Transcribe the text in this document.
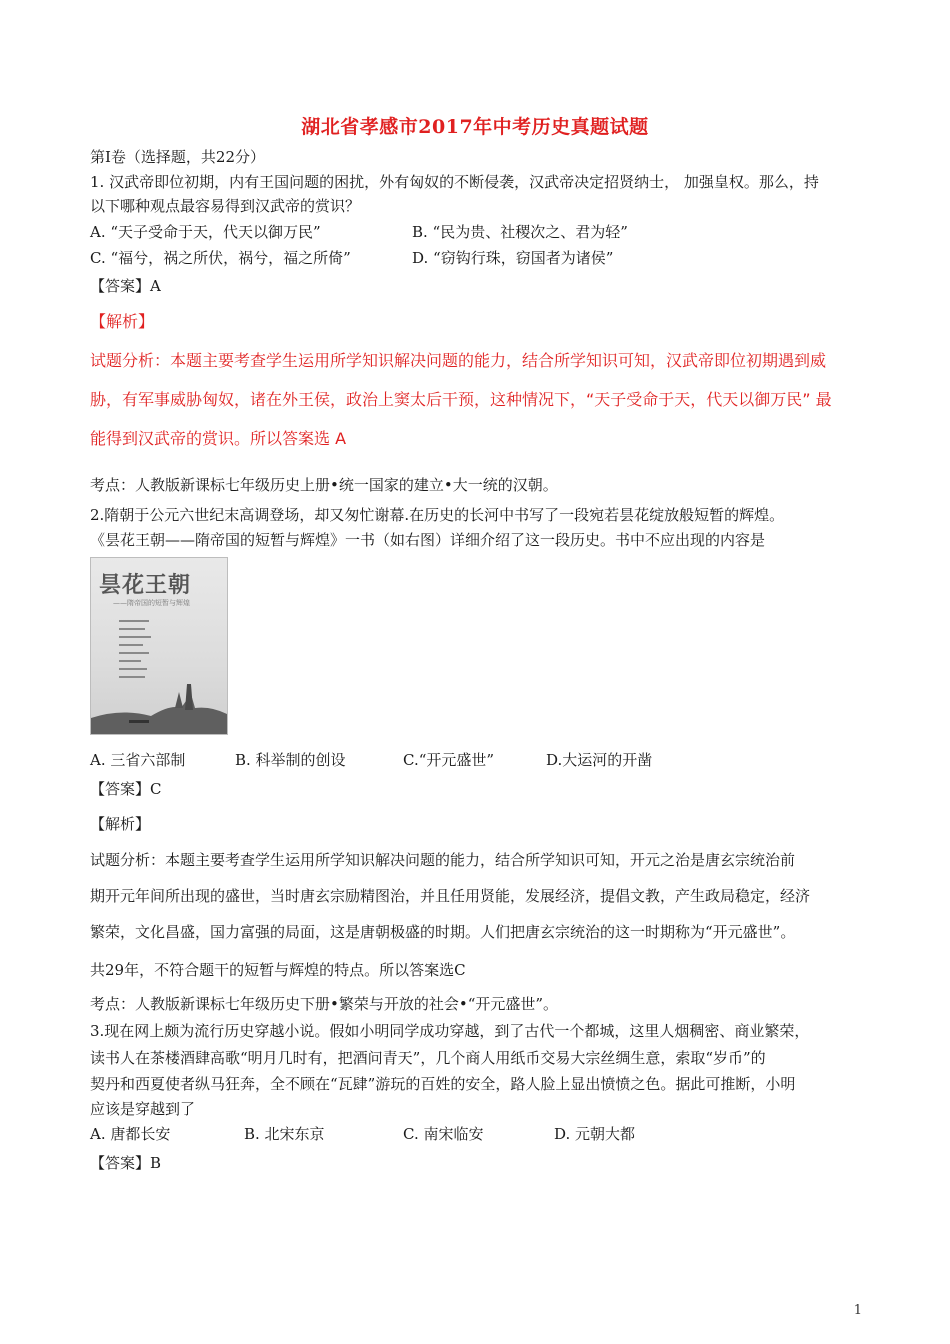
湖北省孝感市2017年中考历史真题试题
第Ⅰ卷（选择题，共22分）
1. 汉武帝即位初期，内有王国问题的困扰，外有匈奴的不断侵袭，汉武帝决定招贤纳士， 加强皇权。那么，持
以下哪种观点最容易得到汉武帝的赏识？
A. “天子受命于天，代天以御万民”	B. “民为贵、社稷次之、君为轻”
C. “福兮，祸之所伏，祸兮，福之所倚”	D. “窃钩行珠，窃国者为诸侯”
【答案】A
【解析】
试题分析：本题主要考查学生运用所学知识解决问题的能力，结合所学知识可知，汉武帝即位初期遇到威
胁，有军事威胁匈奴，诸在外王侯，政治上窦太后干预，这种情况下，“天子受命于天，代天以御万民” 最
能得到汉武帝的赏识。所以答案选 A
考点：人教版新课标七年级历史上册•统一国家的建立•大一统的汉朝。
2.隋朝于公元六世纪末高调登场，却又匆忙谢幕.在历史的长河中书写了一段宛若昙花绽放般短暂的辉煌。
《昙花王朝——隋帝国的短暂与辉煌》一书（如右图）详细介绍了这一段历史。书中不应出现的内容是
昙花王朝
——隋帝国的短暂与辉煌
A. 三省六部制	B. 科举制的创设	C.“开元盛世”	D.大运河的开凿
【答案】C
【解析】
试题分析：本题主要考查学生运用所学知识解决问题的能力，结合所学知识可知，开元之治是唐玄宗统治前
期开元年间所出现的盛世，当时唐玄宗励精图治，并且任用贤能，发展经济，提倡文教，产生政局稳定，经济
繁荣，文化昌盛，国力富强的局面，这是唐朝极盛的时期。人们把唐玄宗统治的这一时期称为“开元盛世”。
共29年，不符合题干的短暂与辉煌的特点。所以答案选C
考点：人教版新课标七年级历史下册•繁荣与开放的社会•“开元盛世”。
3.现在网上颇为流行历史穿越小说。假如小明同学成功穿越，到了古代一个都城，这里人烟稠密、商业繁荣，
读书人在茶楼酒肆高歌“明月几时有，把酒问青天”，几个商人用纸币交易大宗丝绸生意，索取“岁币”的
契丹和西夏使者纵马狂奔，全不顾在“瓦肆”游玩的百姓的安全，路人脸上显出愤愤之色。据此可推断，小明
应该是穿越到了
A. 唐都长安	B. 北宋东京	C. 南宋临安	D. 元朝大都
【答案】B
1
